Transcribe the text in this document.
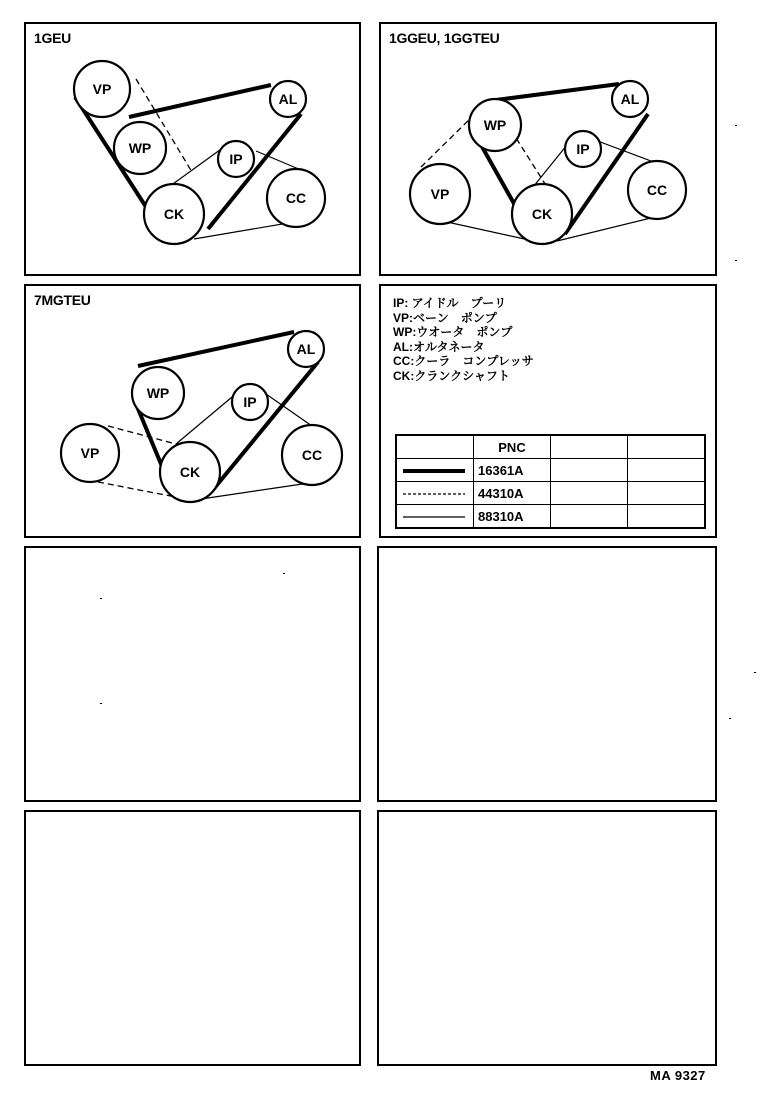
1GEU
VP
WP
AL
IP
CC
CK
1GGEU, 1GGTEU
VP
WP
AL
IP
CC
CK
7MGTEU
VP
WP
AL
IP
CC
CK
IP: アイドル　プーリ
VP:ベーン　ポンプ
WP:ウオータ　ポンプ
AL:オルタネータ
CC:クーラ　コンプレッサ
CK:クランクシャフト
	PNC		
	16361A		
	44310A		
	88310A		
MA 9327
